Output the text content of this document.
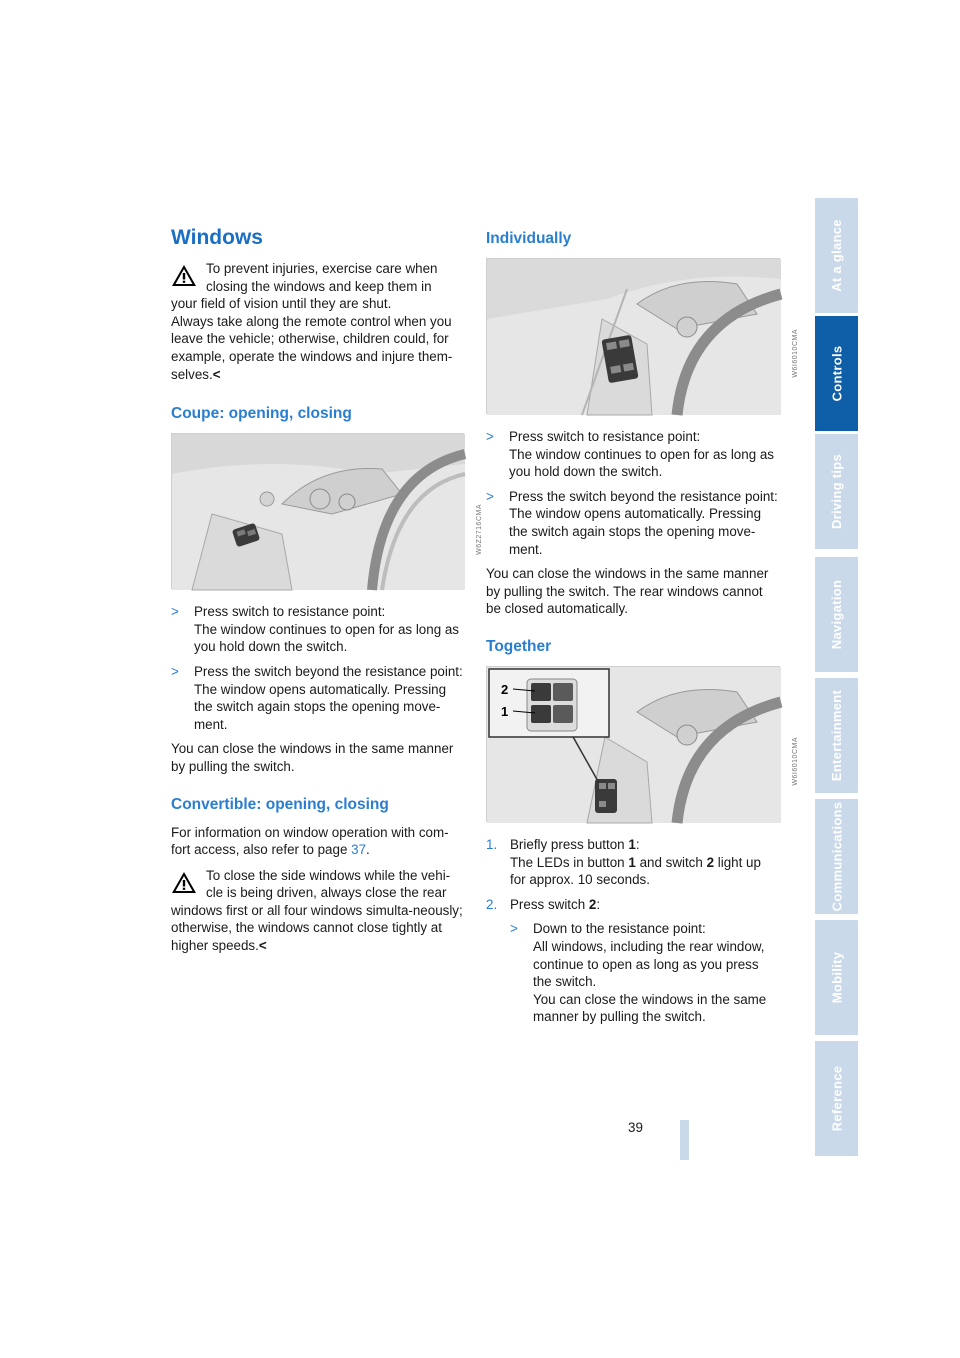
At a glance
Controls
Driving tips
Navigation
Entertainment
Communications
Mobility
Reference
Windows

To prevent injuries, exercise care when

closing the windows and keep them in

your field of vision until they are shut.

Always take along the remote control when you leave the vehicle; otherwise, children could, for example, operate the windows and injure them-selves.<

Coupe: opening, closing
W6Z2716CMA
> Press switch to resistance point:
The window continues to open for as long as you hold down the switch.
> Press the switch beyond the resistance point:
The window opens automatically. Pressing the switch again stops the opening move-ment.

You can close the windows in the same manner by pulling the switch.

Convertible: opening, closing

For information on window operation with com-fort access, also refer to page 37.

To close the side windows while the vehi-

cle is being driven, always close the rear

windows first or all four windows simulta-neously; otherwise, the windows cannot close tightly at higher speeds.<

Individually
W6I6010CMA
> Press switch to resistance point:
The window continues to open for as long as you hold down the switch.
> Press the switch beyond the resistance point:
The window opens automatically. Pressing the switch again stops the opening move-ment.

You can close the windows in the same manner by pulling the switch. The rear windows cannot be closed automatically.

Together
2
1
W6I6010CMA
1. Briefly press button 1:
The LEDs in button 1 and switch 2 light up for approx. 10 seconds.
2. Press switch 2:
> Down to the resistance point:
All windows, including the rear window, continue to open as long as you press the switch.
You can close the windows in the same manner by pulling the switch.
39
